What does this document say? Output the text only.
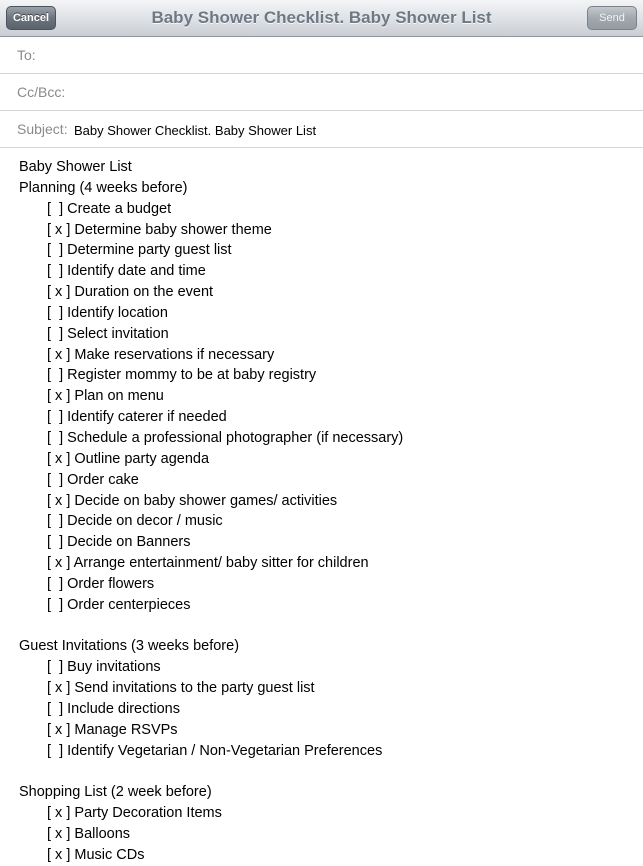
Cancel	Baby Shower Checklist. Baby Shower List	Send
To:
Cc/Bcc:
Subject: Baby Shower Checklist. Baby Shower List
Baby Shower List
Planning (4 weeks before)
[  ] Create a budget
[ x ] Determine baby shower theme
[  ] Determine party guest list
[  ] Identify date and time
[ x ] Duration on the event
[  ] Identify location
[  ] Select invitation
[ x ] Make reservations if necessary
[  ] Register mommy to be at baby registry
[ x ] Plan on menu
[  ] Identify caterer if needed
[  ] Schedule a professional photographer (if necessary)
[ x ] Outline party agenda
[  ] Order cake
[ x ] Decide on baby shower games/ activities
[  ] Decide on decor / music
[  ] Decide on Banners
[ x ] Arrange entertainment/ baby sitter for children
[  ] Order flowers
[  ] Order centerpieces
Guest Invitations (3 weeks before)
[  ] Buy invitations
[ x ] Send invitations to the party guest list
[  ] Include directions
[ x ] Manage RSVPs
[  ] Identify Vegetarian / Non-Vegetarian Preferences
Shopping List (2 week before)
[ x ] Party Decoration Items
[ x ] Balloons
[ x ] Music CDs
